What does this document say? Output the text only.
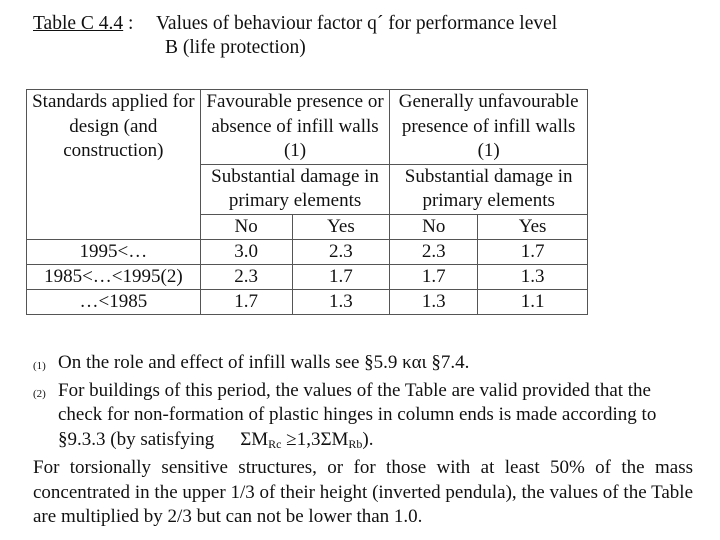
Table C 4.4 : Values of behaviour factor q´ for performance level
B (life protection)
Standards applied for design (and construction)	Favourable presence or absence of infill walls (1)		Generally unfavourable presence of infill walls (1)	
	Substantial damage in primary elements		Substantial damage in primary elements	
	No	Yes	No	Yes
1995<…	3.0	2.3	2.3	1.7
1985<…<1995(2)	2.3	1.7	1.7	1.3
…<1985	1.7	1.3	1.3	1.1
(1) On the role and effect of infill walls see §5.9 και §7.4.
(2) For buildings of this period, the values of the Table are valid provided that the check for non-formation of plastic hinges in column ends is made according to §9.3.3 (by satisfying $\Sigma M_{Rc} \ge 1,3\Sigma M_{Rb}$).
For torsionally sensitive structures, or for those with at least 50% of the mass concentrated in the upper 1/3 of their height (inverted pendula), the values of the Table are multiplied by 2/3 but can not be lower than 1.0.
